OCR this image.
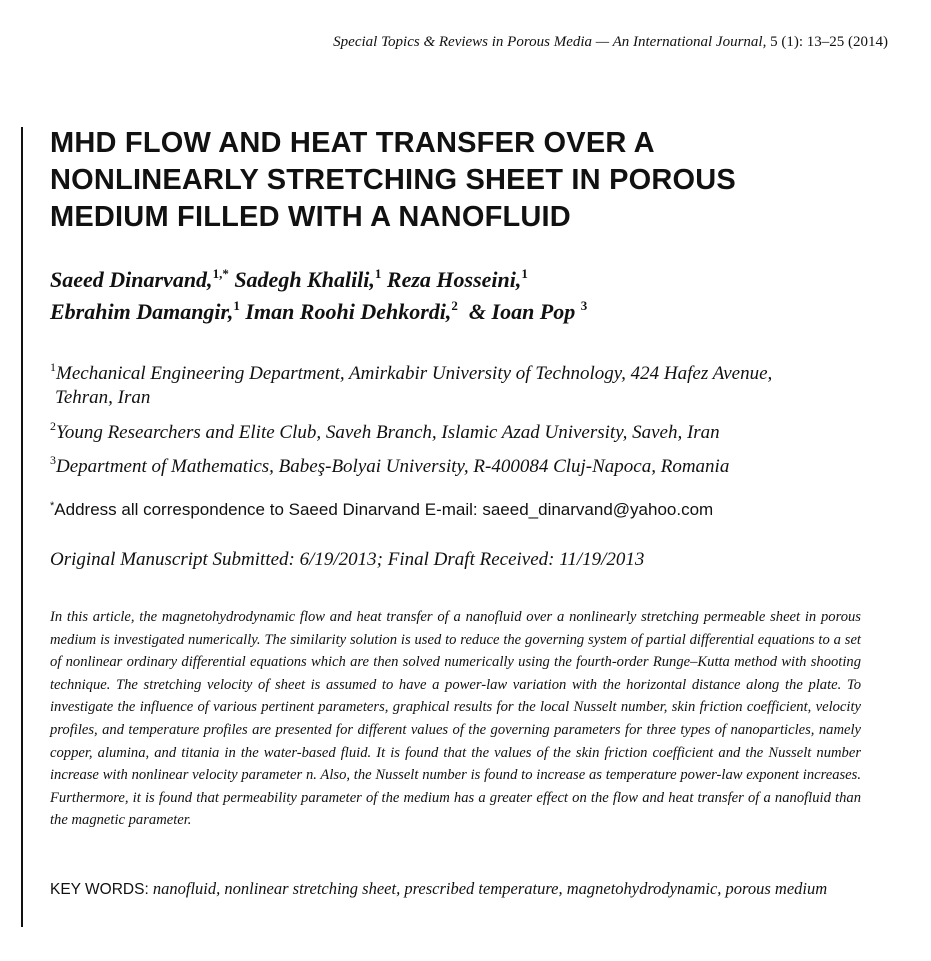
Special Topics & Reviews in Porous Media — An International Journal, 5 (1): 13–25 (2014)
MHD FLOW AND HEAT TRANSFER OVER A
NONLINEARLY STRETCHING SHEET IN POROUS
MEDIUM FILLED WITH A NANOFLUID
Saeed Dinarvand,$^{1,*}$ Sadegh Khalili,$^1$ Reza Hosseini,$^1$
Ebrahim Damangir,$^1$ Iman Roohi Dehkordi,$^2$ & Ioan Pop $^3$
$^1$Mechanical Engineering Department, Amirkabir University of Technology, 424 Hafez Avenue,
Tehran, Iran
$^2$Young Researchers and Elite Club, Saveh Branch, Islamic Azad University, Saveh, Iran
$^3$Department of Mathematics, Babeş-Bolyai University, R-400084 Cluj-Napoca, Romania
*Address all correspondence to Saeed Dinarvand E-mail: saeed_dinarvand@yahoo.com
Original Manuscript Submitted: 6/19/2013; Final Draft Received: 11/19/2013
In this article, the magnetohydrodynamic flow and heat transfer of a nanofluid over a nonlinearly stretching permeable sheet in porous medium is investigated numerically. The similarity solution is used to reduce the governing system of partial differential equations to a set of nonlinear ordinary differential equations which are then solved numerically using the fourth-order Runge–Kutta method with shooting technique. The stretching velocity of sheet is assumed to have a power-law variation with the horizontal distance along the plate. To investigate the influence of various pertinent parameters, graphical results for the local Nusselt number, skin friction coefficient, velocity profiles, and temperature profiles are presented for different values of the governing parameters for three types of nanoparticles, namely copper, alumina, and titania in the water-based fluid. It is found that the values of the skin friction coefficient and the Nusselt number increase with nonlinear velocity parameter n. Also, the Nusselt number is found to increase as temperature power-law exponent increases. Furthermore, it is found that permeability parameter of the medium has a greater effect on the flow and heat transfer of a nanofluid than the magnetic parameter.
KEY WORDS: nanofluid, nonlinear stretching sheet, prescribed temperature, magnetohydrodynamic, porous medium
